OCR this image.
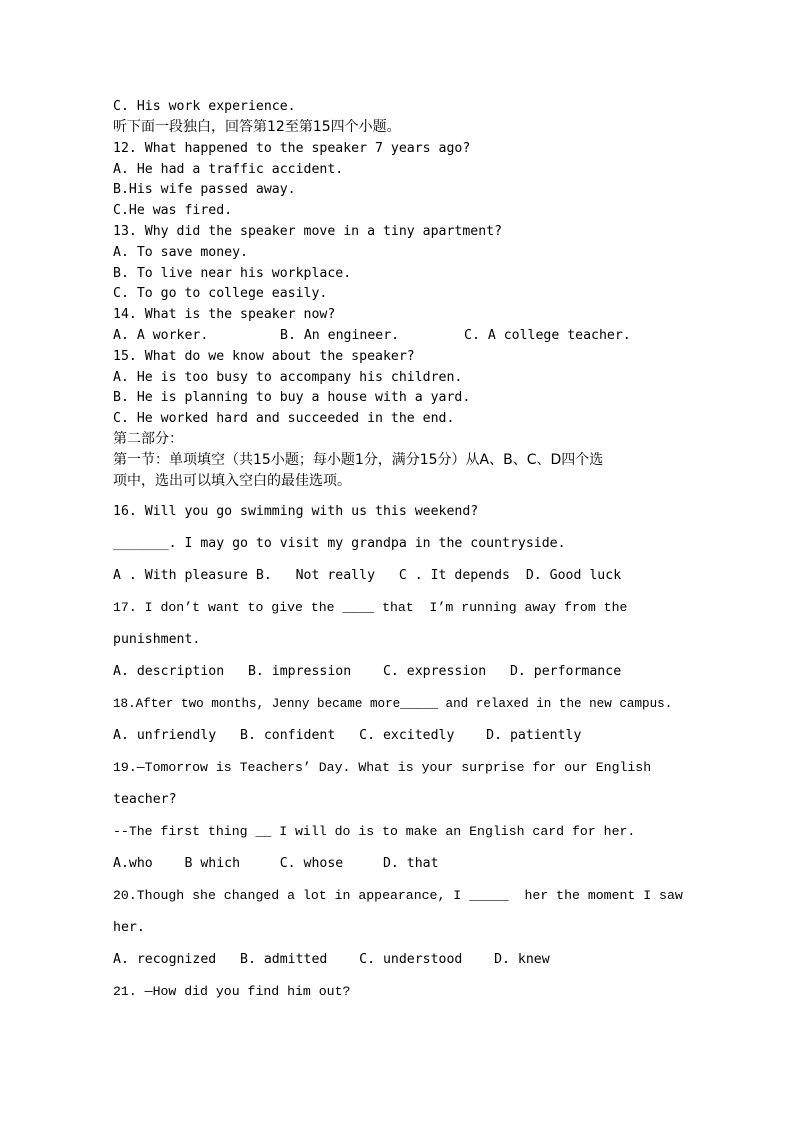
C. His work experience.
听下面一段独白，回答第12至第15四个小题。
12. What happened to the speaker 7 years ago?
A. He had a traffic accident.
B.His wife passed away.
C.He was fired.
13. Why did the speaker move in a tiny apartment?
A. To save money.
B. To live near his workplace.
C. To go to college easily.
14. What is the speaker now?
A. A worker.	B. An engineer.	C. A college teacher.
15. What do we know about the speaker?
A. He is too busy to accompany his children.
B. He is planning to buy a house with a yard.
C. He worked hard and succeeded in the end.
第二部分：
第一节：单项填空（共15小题；每小题1分，满分15分）从A、B、C、D四个选
项中，选出可以填入空白的最佳选项。
16. Will you go swimming with us this weekend?
_______. I may go to visit my grandpa in the countryside.
A . With pleasure B.   Not really   C . It depends  D. Good luck
17. I don’t want to give the ____ that  I’m running away from the
punishment.
A. description   B. impression    C. expression   D. performance
18.After two months, Jenny became more_____ and relaxed in the new campus.
A. unfriendly   B. confident   C. excitedly    D. patiently
19.—Tomorrow is Teachers’ Day. What is your surprise for our English
teacher?
--The first thing __ I will do is to make an English card for her.
A.who    B which     C. whose     D. that
20.Though she changed a lot in appearance, I _____  her the moment I saw
her.
A. recognized   B. admitted    C. understood    D. knew
21. —How did you find him out?
